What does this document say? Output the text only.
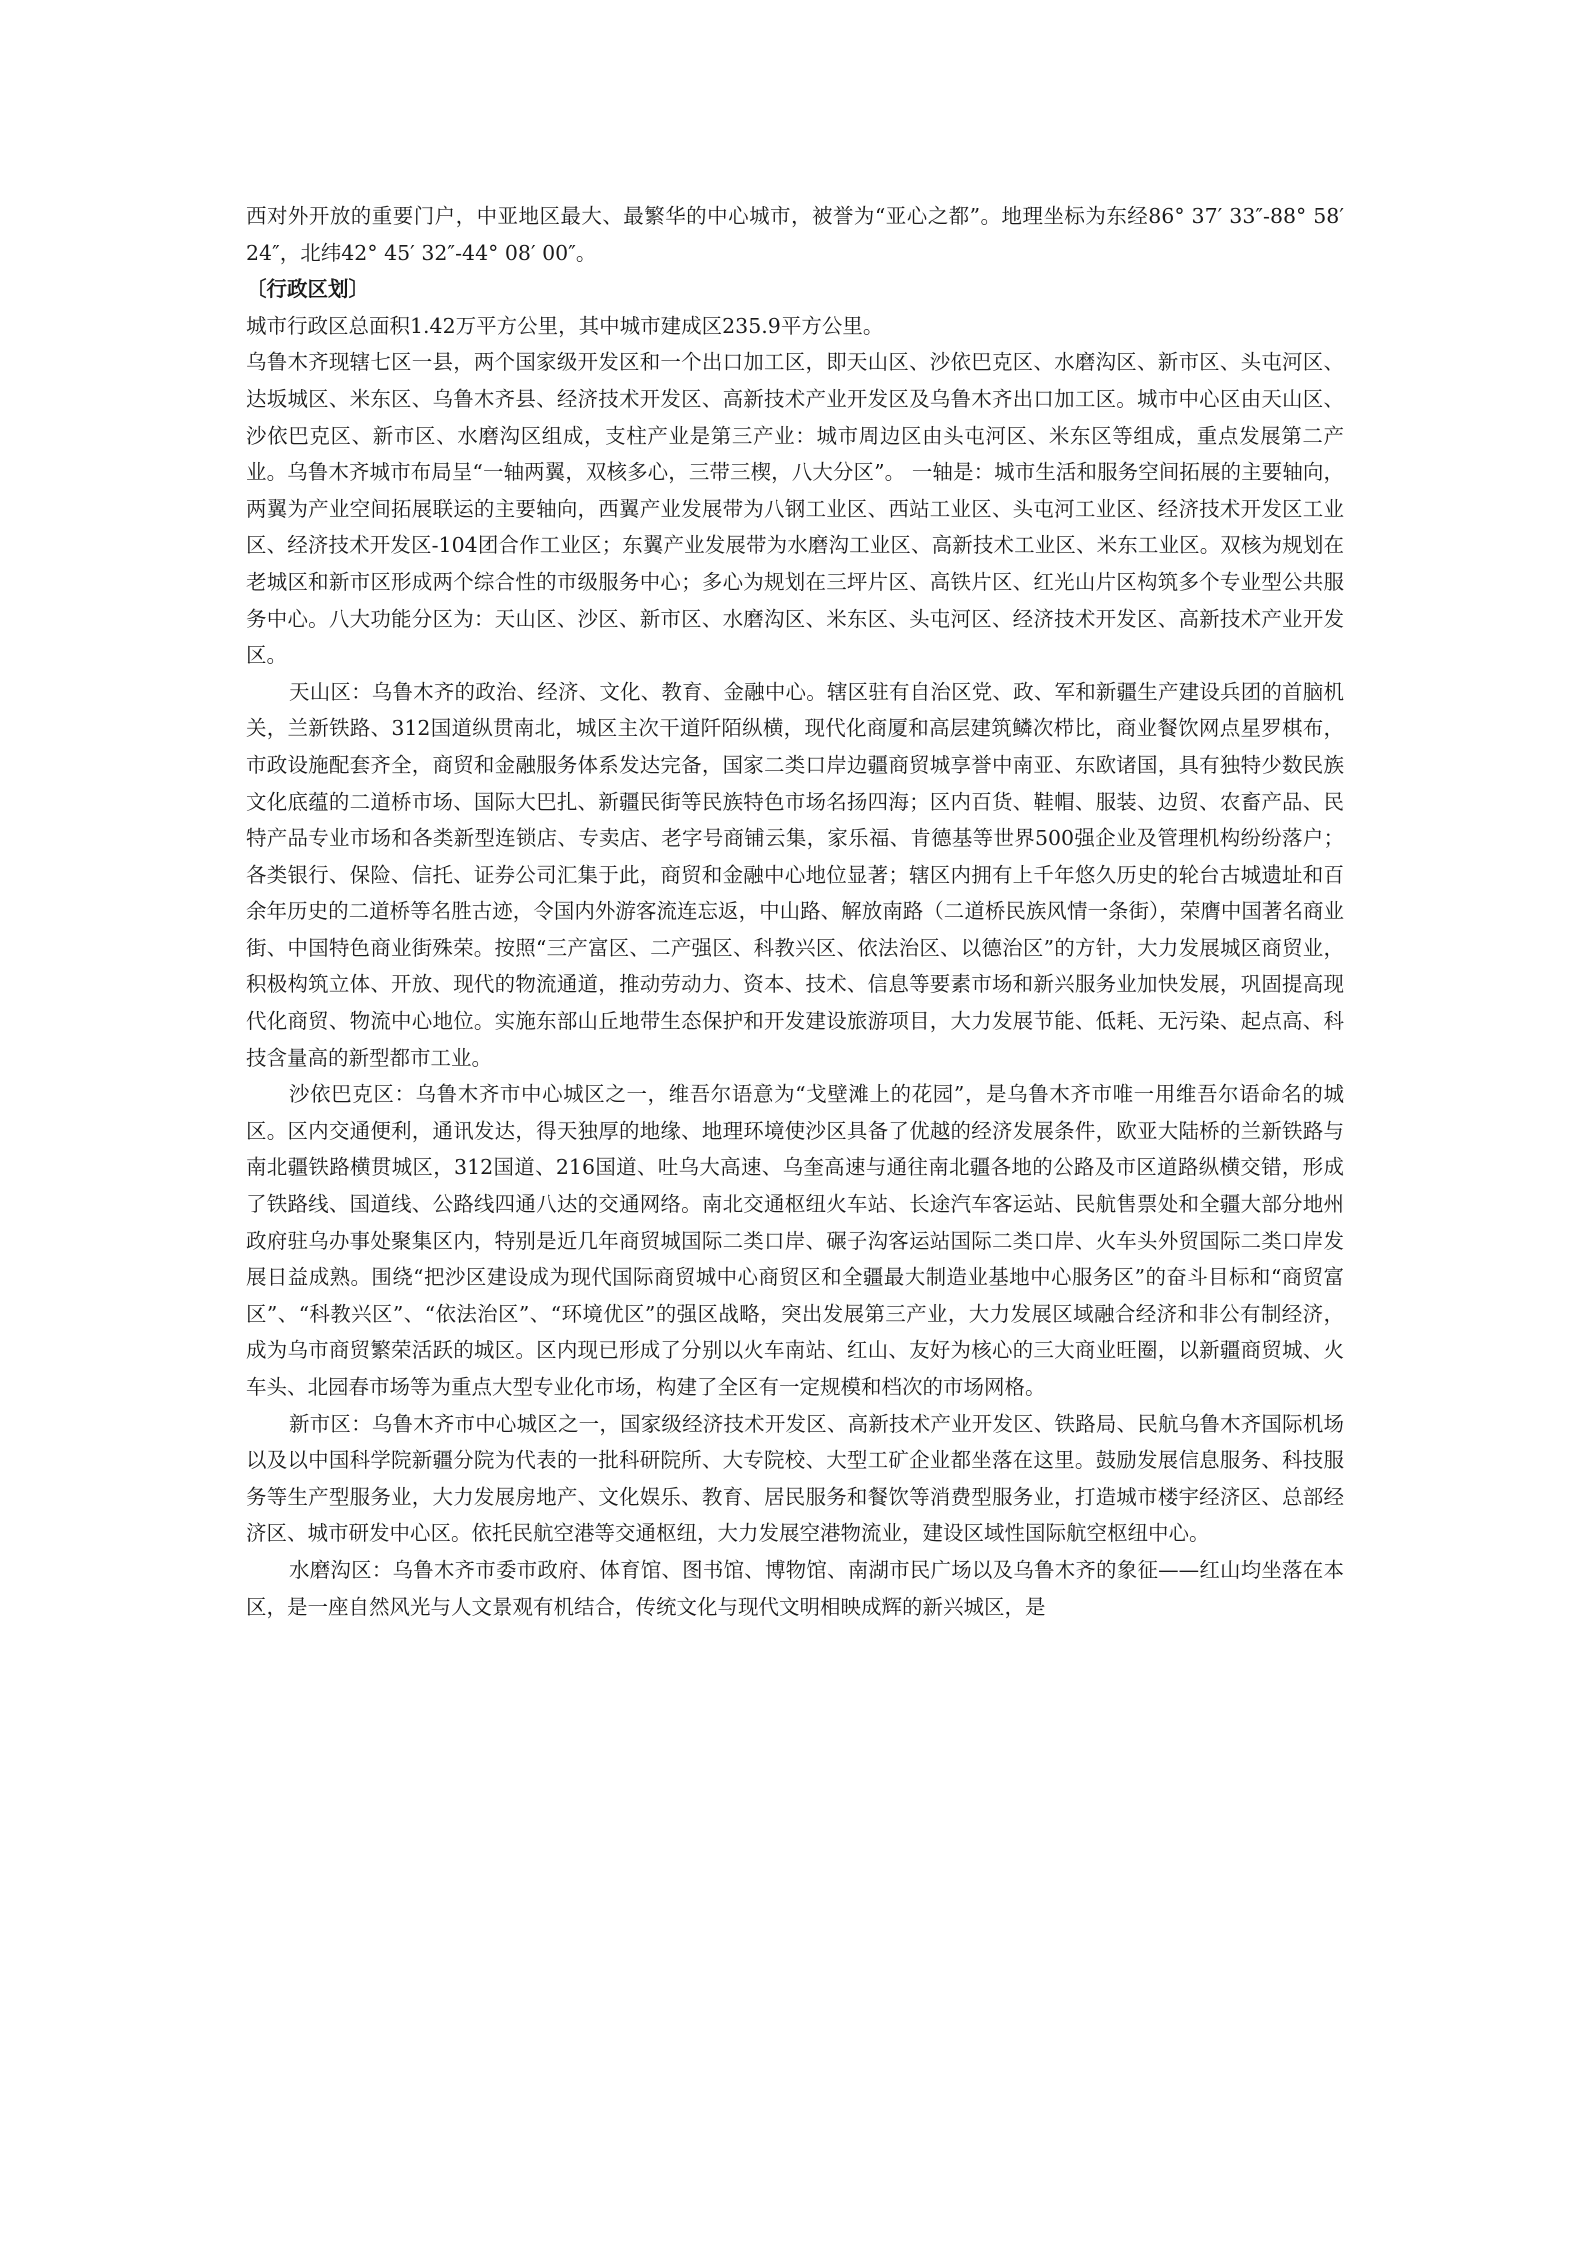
西对外开放的重要门户，中亚地区最大、最繁华的中心城市，被誉为“亚心之都”。地理坐标为东经86° 37′ 33″-88° 58′ 24″，北纬42° 45′ 32″-44° 08′ 00″。

〔行政区划〕

城市行政区总面积1.42万平方公里，其中城市建成区235.9平方公里。

乌鲁木齐现辖七区一县，两个国家级开发区和一个出口加工区，即天山区、沙依巴克区、水磨沟区、新市区、头屯河区、达坂城区、米东区、乌鲁木齐县、经济技术开发区、高新技术产业开发区及乌鲁木齐出口加工区。城市中心区由天山区、沙依巴克区、新市区、水磨沟区组成，支柱产业是第三产业：城市周边区由头屯河区、米东区等组成，重点发展第二产业。乌鲁木齐城市布局呈“一轴两翼，双核多心，三带三楔，八大分区”。 一轴是：城市生活和服务空间拓展的主要轴向，两翼为产业空间拓展联运的主要轴向，西翼产业发展带为八钢工业区、西站工业区、头屯河工业区、经济技术开发区工业区、经济技术开发区-104团合作工业区；东翼产业发展带为水磨沟工业区、高新技术工业区、米东工业区。双核为规划在老城区和新市区形成两个综合性的市级服务中心；多心为规划在三坪片区、高铁片区、红光山片区构筑多个专业型公共服务中心。八大功能分区为：天山区、沙区、新市区、水磨沟区、米东区、头屯河区、经济技术开发区、高新技术产业开发区。

天山区：乌鲁木齐的政治、经济、文化、教育、金融中心。辖区驻有自治区党、政、军和新疆生产建设兵团的首脑机关，兰新铁路、312国道纵贯南北，城区主次干道阡陌纵横，现代化商厦和高层建筑鳞次栉比，商业餐饮网点星罗棋布，市政设施配套齐全，商贸和金融服务体系发达完备，国家二类口岸边疆商贸城享誉中南亚、东欧诸国，具有独特少数民族文化底蕴的二道桥市场、国际大巴扎、新疆民街等民族特色市场名扬四海；区内百货、鞋帽、服装、边贸、农畜产品、民特产品专业市场和各类新型连锁店、专卖店、老字号商铺云集，家乐福、肯德基等世界500强企业及管理机构纷纷落户；各类银行、保险、信托、证券公司汇集于此，商贸和金融中心地位显著；辖区内拥有上千年悠久历史的轮台古城遗址和百余年历史的二道桥等名胜古迹，令国内外游客流连忘返，中山路、解放南路（二道桥民族风情一条街），荣膺中国著名商业街、中国特色商业街殊荣。按照“三产富区、二产强区、科教兴区、依法治区、以德治区”的方针，大力发展城区商贸业，积极构筑立体、开放、现代的物流通道，推动劳动力、资本、技术、信息等要素市场和新兴服务业加快发展，巩固提高现代化商贸、物流中心地位。实施东部山丘地带生态保护和开发建设旅游项目，大力发展节能、低耗、无污染、起点高、科技含量高的新型都市工业。

沙依巴克区：乌鲁木齐市中心城区之一，维吾尔语意为“戈壁滩上的花园”，是乌鲁木齐市唯一用维吾尔语命名的城区。区内交通便利，通讯发达，得天独厚的地缘、地理环境使沙区具备了优越的经济发展条件，欧亚大陆桥的兰新铁路与南北疆铁路横贯城区，312国道、216国道、吐乌大高速、乌奎高速与通往南北疆各地的公路及市区道路纵横交错，形成了铁路线、国道线、公路线四通八达的交通网络。南北交通枢纽火车站、长途汽车客运站、民航售票处和全疆大部分地州政府驻乌办事处聚集区内，特别是近几年商贸城国际二类口岸、碾子沟客运站国际二类口岸、火车头外贸国际二类口岸发展日益成熟。围绕“把沙区建设成为现代国际商贸城中心商贸区和全疆最大制造业基地中心服务区”的奋斗目标和“商贸富区”、“科教兴区”、“依法治区”、“环境优区”的强区战略，突出发展第三产业，大力发展区域融合经济和非公有制经济，成为乌市商贸繁荣活跃的城区。区内现已形成了分别以火车南站、红山、友好为核心的三大商业旺圈，以新疆商贸城、火车头、北园春市场等为重点大型专业化市场，构建了全区有一定规模和档次的市场网格。

新市区：乌鲁木齐市中心城区之一，国家级经济技术开发区、高新技术产业开发区、铁路局、民航乌鲁木齐国际机场以及以中国科学院新疆分院为代表的一批科研院所、大专院校、大型工矿企业都坐落在这里。鼓励发展信息服务、科技服务等生产型服务业，大力发展房地产、文化娱乐、教育、居民服务和餐饮等消费型服务业，打造城市楼宇经济区、总部经济区、城市研发中心区。依托民航空港等交通枢纽，大力发展空港物流业，建设区域性国际航空枢纽中心。

水磨沟区：乌鲁木齐市委市政府、体育馆、图书馆、博物馆、南湖市民广场以及乌鲁木齐的象征——红山均坐落在本区，是一座自然风光与人文景观有机结合，传统文化与现代文明相映成辉的新兴城区，是
